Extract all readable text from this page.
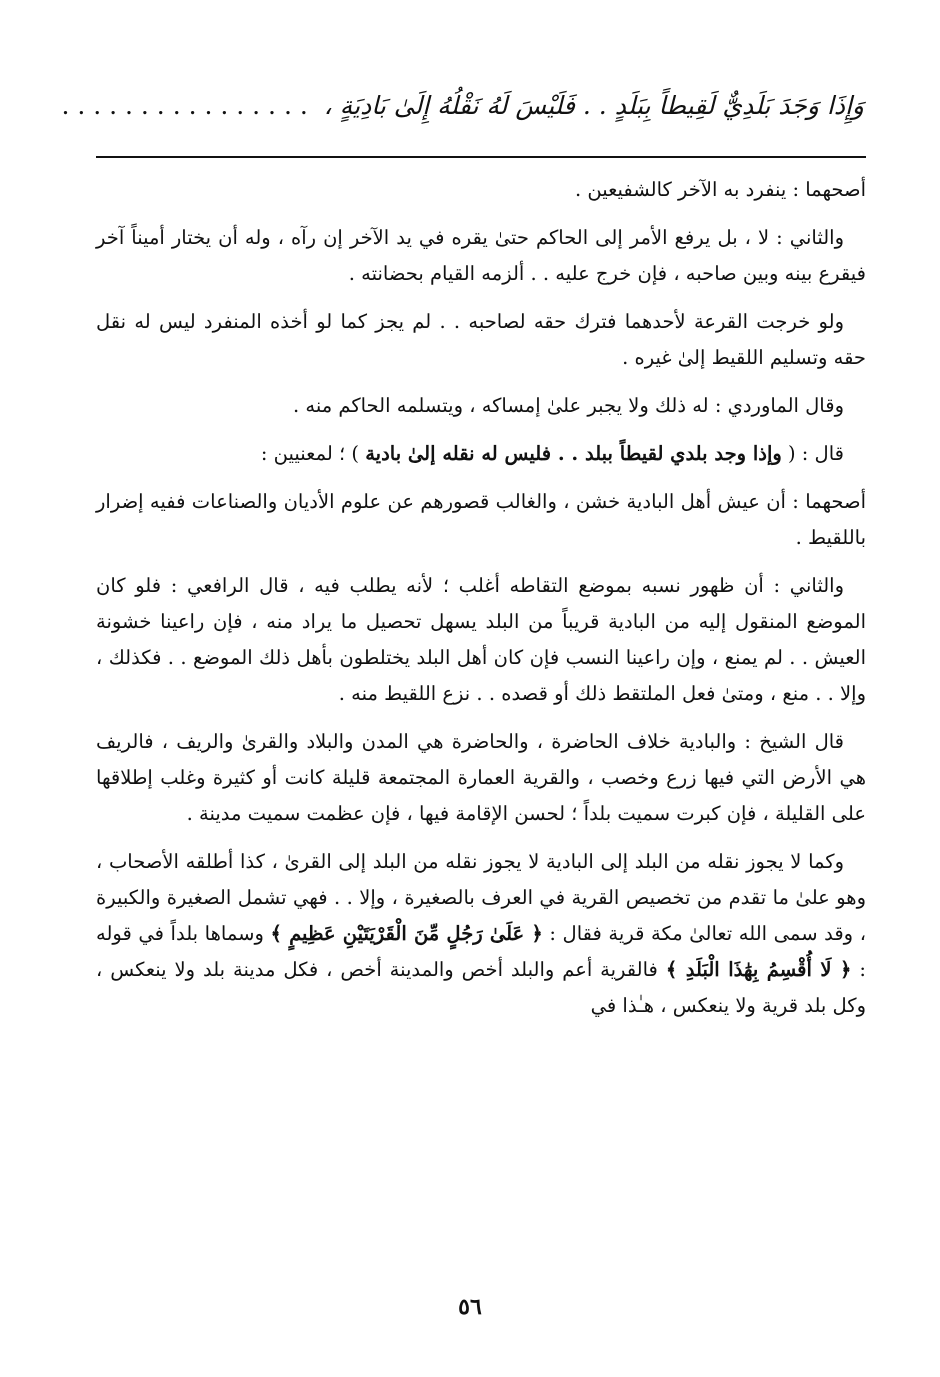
وَإِذَا وَجَدَ بَلَدِيٌّ لَقِيطاً بِبَلَدٍ . . فَلَيْسَ لَهُ نَقْلُهُ إِلَىٰ بَادِيَةٍ ، . . . . . . . . . . . . . . . .

أصحهما : ينفرد به الآخر كالشفيعين .

والثاني : لا ، بل يرفع الأمر إلى الحاكم حتىٰ يقره في يد الآخر إن رآه ، وله أن يختار أميناً آخر فيقرع بينه وبين صاحبه ، فإن خرج عليه . . ألزمه القيام بحضانته .

ولو خرجت القرعة لأحدهما فترك حقه لصاحبه . . لم يجز كما لو أخذه المنفرد ليس له نقل حقه وتسليم اللقيط إلىٰ غيره .

وقال الماوردي : له ذلك ولا يجبر علىٰ إمساكه ، ويتسلمه الحاكم منه .

قال : ( وإذا وجد بلدي لقيطاً ببلد . . فليس له نقله إلىٰ بادية ) ؛ لمعنيين :

أصحهما : أن عيش أهل البادية خشن ، والغالب قصورهم عن علوم الأديان والصناعات ففيه إضرار باللقيط .

والثاني : أن ظهور نسبه بموضع التقاطه أغلب ؛ لأنه يطلب فيه ، قال الرافعي : فلو كان الموضع المنقول إليه من البادية قريباً من البلد يسهل تحصيل ما يراد منه ، فإن راعينا خشونة العيش . . لم يمنع ، وإن راعينا النسب فإن كان أهل البلد يختلطون بأهل ذلك الموضع . . فكذلك ، وإلا . . منع ، ومتىٰ فعل الملتقط ذلك أو قصده . . نزع اللقيط منه .

قال الشيخ : والبادية خلاف الحاضرة ، والحاضرة هي المدن والبلاد والقرىٰ والريف ، فالريف هي الأرض التي فيها زرع وخصب ، والقرية العمارة المجتمعة قليلة كانت أو كثيرة وغلب إطلاقها على القليلة ، فإن كبرت سميت بلداً ؛ لحسن الإقامة فيها ، فإن عظمت سميت مدينة .

وكما لا يجوز نقله من البلد إلى البادية لا يجوز نقله من البلد إلى القرىٰ ، كذا أطلقه الأصحاب ، وهو علىٰ ما تقدم من تخصيص القرية في العرف بالصغيرة ، وإلا . . فهي تشمل الصغيرة والكبيرة ، وقد سمى الله تعالىٰ مكة قرية فقال : ﴿ عَلَىٰ رَجُلٍ مِّنَ الْقَرْيَتَيْنِ عَظِيمٍ ﴾ وسماها بلداً في قوله : ﴿ لَا أُقْسِمُ بِهَٰذَا الْبَلَدِ ﴾ فالقرية أعم والبلد أخص والمدينة أخص ، فكل مدينة بلد ولا ينعكس ، وكل بلد قرية ولا ينعكس ، هـٰذا في

٥٦
